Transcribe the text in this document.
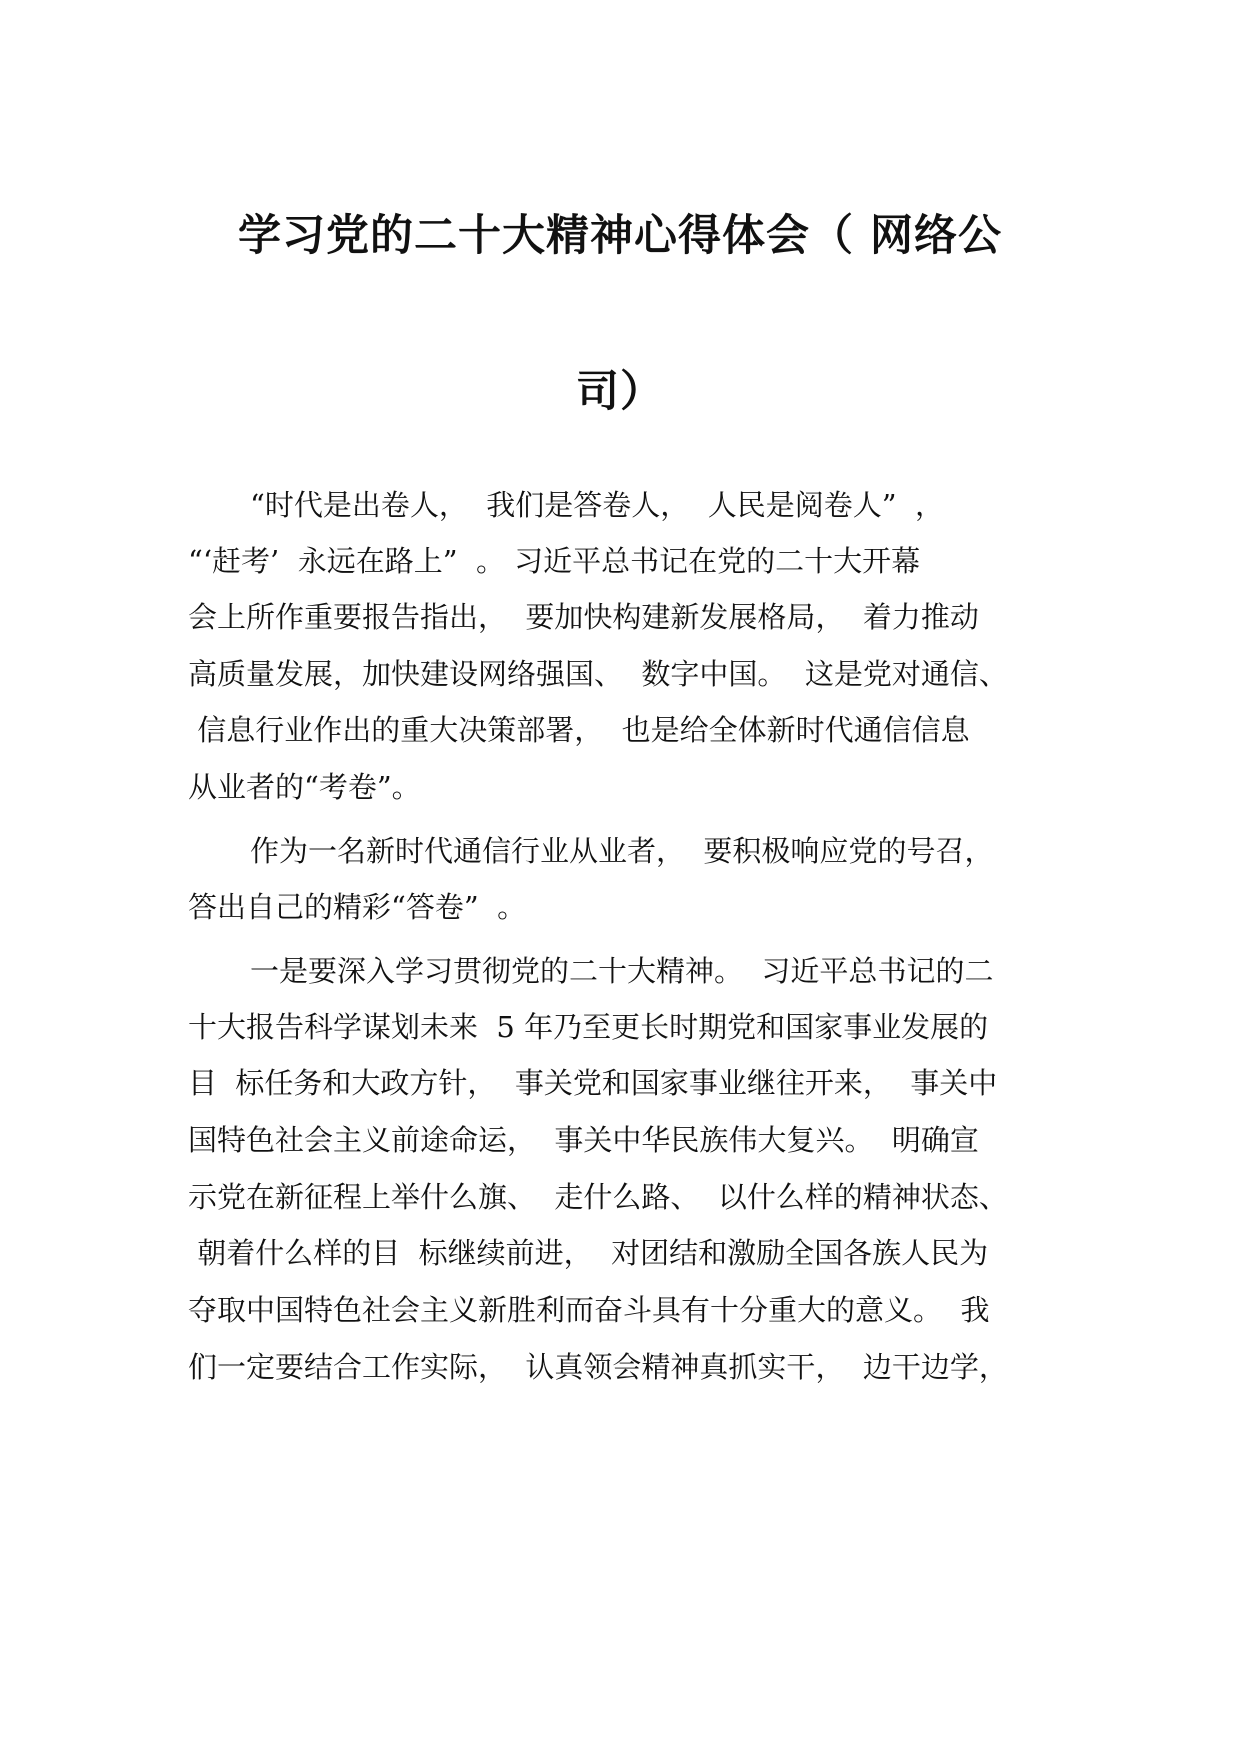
学习党的二十大精神心得体会（ 网络公
司）

“时代是出卷人，  我们是答卷人，  人民是阅卷人”  ，

“‘赶考’  永远在路上”  。 习近平总书记在党的二十大开幕

会上所作重要报告指出，  要加快构建新发展格局，  着力推动

高质量发展，加快建设网络强国、  数字中国。  这是党对通信、

信息行业作出的重大决策部署，  也是给全体新时代通信信息

从业者的“考卷”。

作为一名新时代通信行业从业者，  要积极响应党的号召，

答出自己的精彩“答卷”  。

一是要深入学习贯彻党的二十大精神。  习近平总书记的二

十大报告科学谋划未来  5 年乃至更长时期党和国家事业发展的

目  标任务和大政方针，  事关党和国家事业继往开来，  事关中

国特色社会主义前途命运，  事关中华民族伟大复兴。  明确宣

示党在新征程上举什么旗、  走什么路、  以什么样的精神状态、

朝着什么样的目  标继续前进，  对团结和激励全国各族人民为

夺取中国特色社会主义新胜利而奋斗具有十分重大的意义。  我

们一定要结合工作实际，  认真领会精神真抓实干，  边干边学，
